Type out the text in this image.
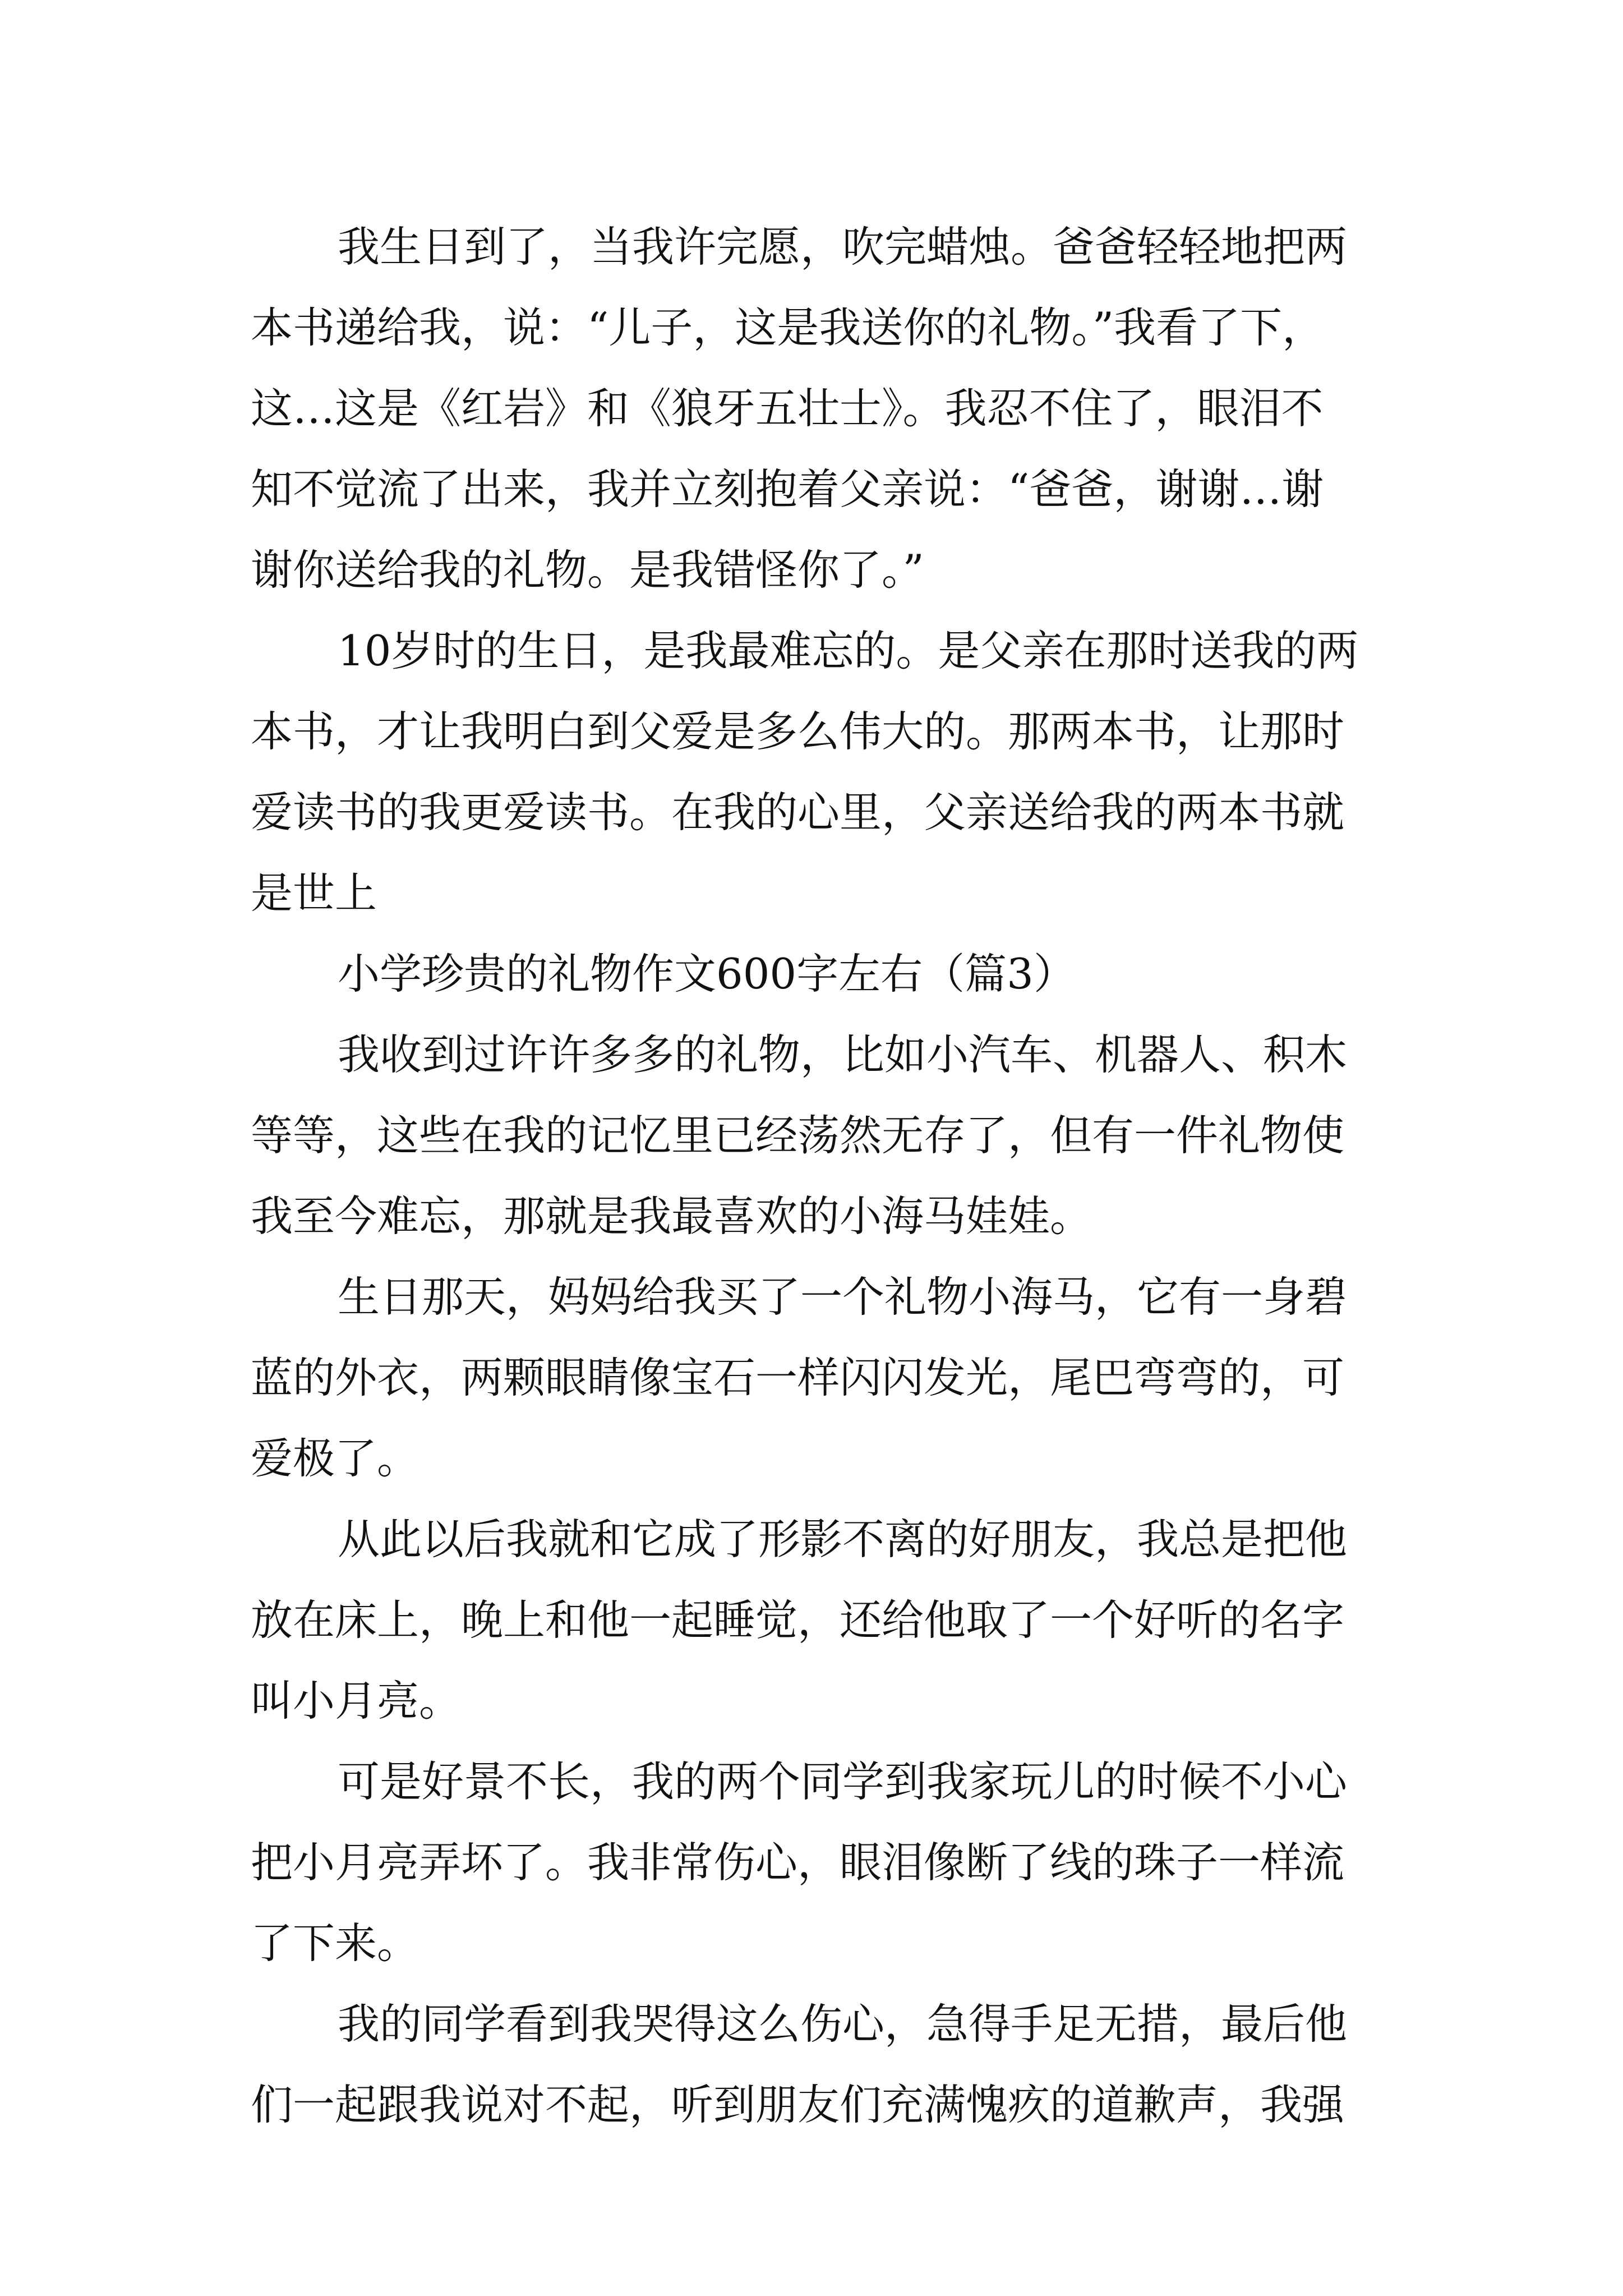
我生日到了，当我许完愿，吹完蜡烛。爸爸轻轻地把两
本书递给我，说：“儿子，这是我送你的礼物。”我看了下，
这…这是《红岩》和《狼牙五壮士》。我忍不住了，眼泪不
知不觉流了出来，我并立刻抱着父亲说：“爸爸，谢谢…谢
谢你送给我的礼物。是我错怪你了。”

10岁时的生日，是我最难忘的。是父亲在那时送我的两
本书，才让我明白到父爱是多么伟大的。那两本书，让那时
爱读书的我更爱读书。在我的心里，父亲送给我的两本书就
是世上

小学珍贵的礼物作文600字左右（篇3）

我收到过许许多多的礼物，比如小汽车、机器人、积木
等等，这些在我的记忆里已经荡然无存了，但有一件礼物使
我至今难忘，那就是我最喜欢的小海马娃娃。

生日那天，妈妈给我买了一个礼物小海马，它有一身碧
蓝的外衣，两颗眼睛像宝石一样闪闪发光，尾巴弯弯的，可
爱极了。

从此以后我就和它成了形影不离的好朋友，我总是把他
放在床上，晚上和他一起睡觉，还给他取了一个好听的名字
叫小月亮。

可是好景不长，我的两个同学到我家玩儿的时候不小心
把小月亮弄坏了。我非常伤心，眼泪像断了线的珠子一样流
了下来。

我的同学看到我哭得这么伤心，急得手足无措，最后他
们一起跟我说对不起，听到朋友们充满愧疚的道歉声，我强
